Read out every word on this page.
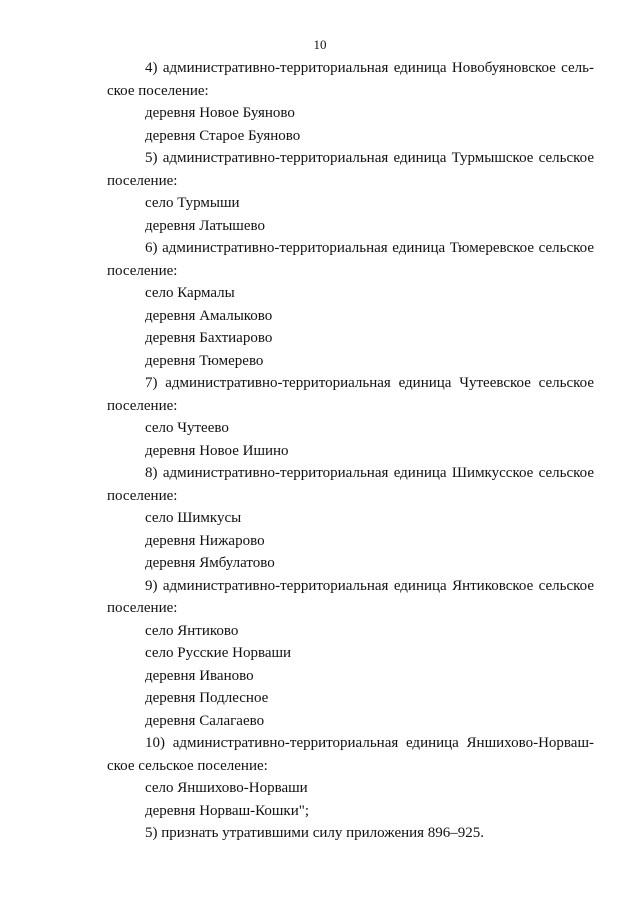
10
4) административно-территориальная единица Новобуяновское сель-
ское поселение:
деревня Новое Буяново
деревня Старое Буяново
5) административно-территориальная единица Турмышское сельское
поселение:
село Турмыши
деревня Латышево
6) административно-территориальная единица Тюмеревское сельское
поселение:
село Кармалы
деревня Амалыково
деревня Бахтиарово
деревня Тюмерево
7) административно-территориальная единица Чутеевское сельское
поселение:
село Чутеево
деревня Новое Ишино
8) административно-территориальная единица Шимкусское сельское
поселение:
село Шимкусы
деревня Нижарово
деревня Ямбулатово
9) административно-территориальная единица Янтиковское сельское
поселение:
село Янтиково
село Русские Норваши
деревня Иваново
деревня Подлесное
деревня Салагаево
10) административно-территориальная единица Яншихово-Норваш-
ское сельское поселение:
село Яншихово-Норваши
деревня Норваш-Кошки";
5) признать утратившими силу приложения 896–925.
